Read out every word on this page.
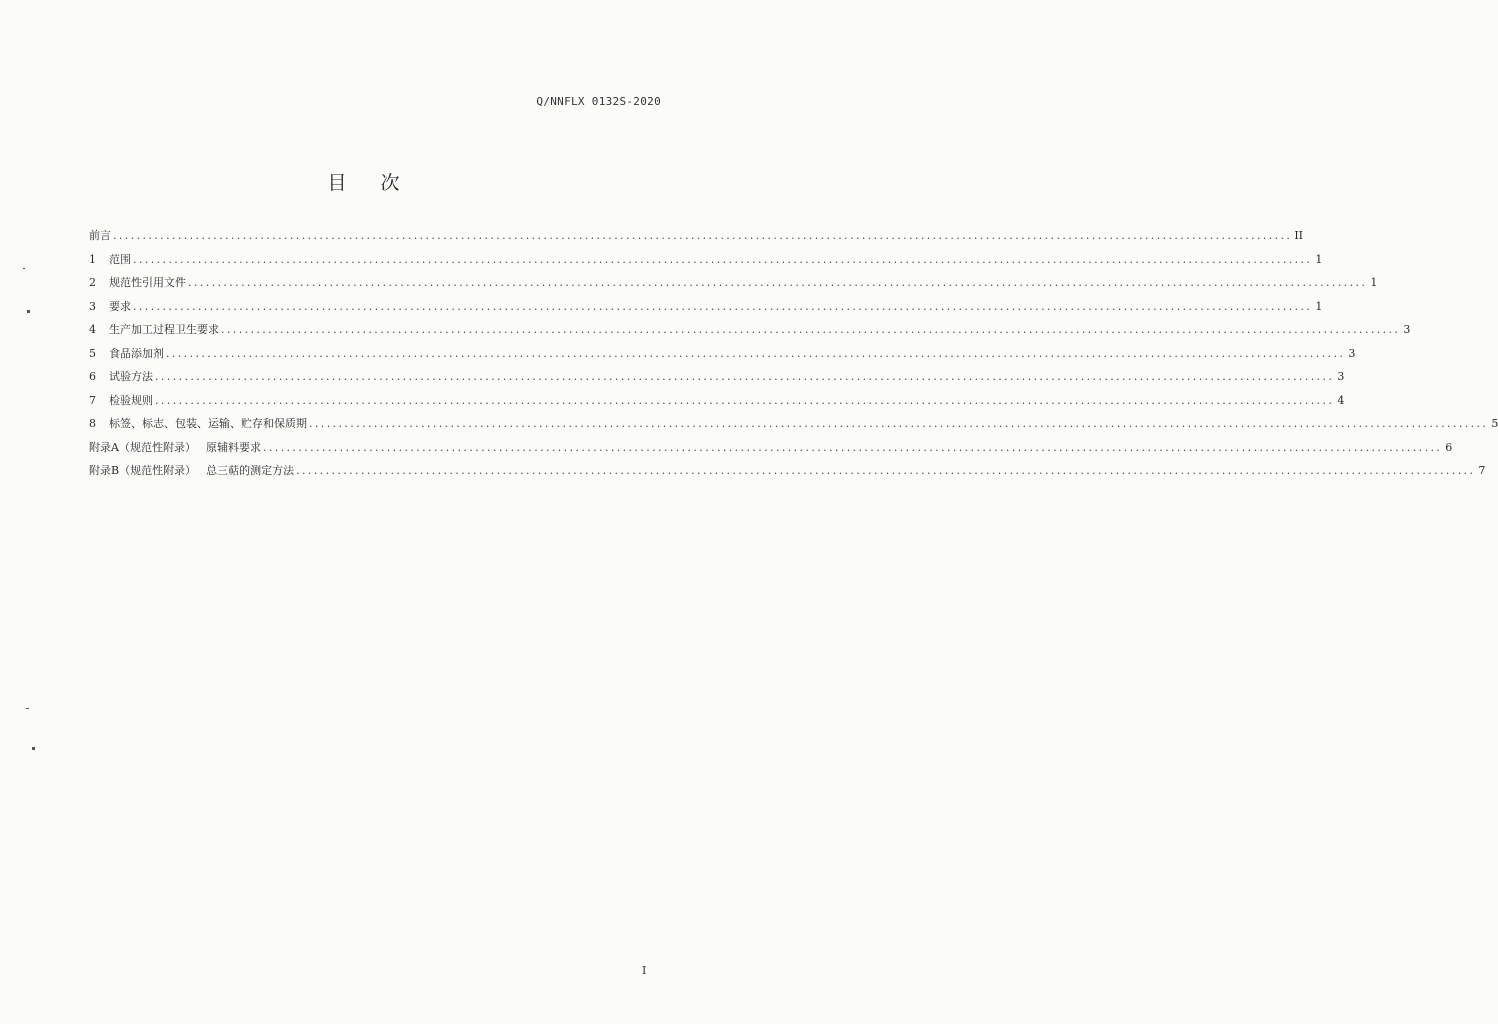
Q/NNFLX 0132S-2020
目 次
前言 ........................................................................................................................................................................................................ II
1	范围 ........................................................................................................................................................................................................ 1
2	规范性引用文件 ........................................................................................................................................................................................................ 1
3	要求 ........................................................................................................................................................................................................ 1
4	生产加工过程卫生要求 ........................................................................................................................................................................................................ 3
5	食品添加剂 ........................................................................................................................................................................................................ 3
6	试验方法 ........................................................................................................................................................................................................ 3
7	检验规则 ........................................................................................................................................................................................................ 4
8	标签、标志、包装、运输、贮存和保质期 ........................................................................................................................................................................................................ 5
附录A（规范性附录） 原辅料要求 ........................................................................................................................................................................................................ 6
附录B（规范性附录） 总三萜的测定方法 ........................................................................................................................................................................................................ 7
I
